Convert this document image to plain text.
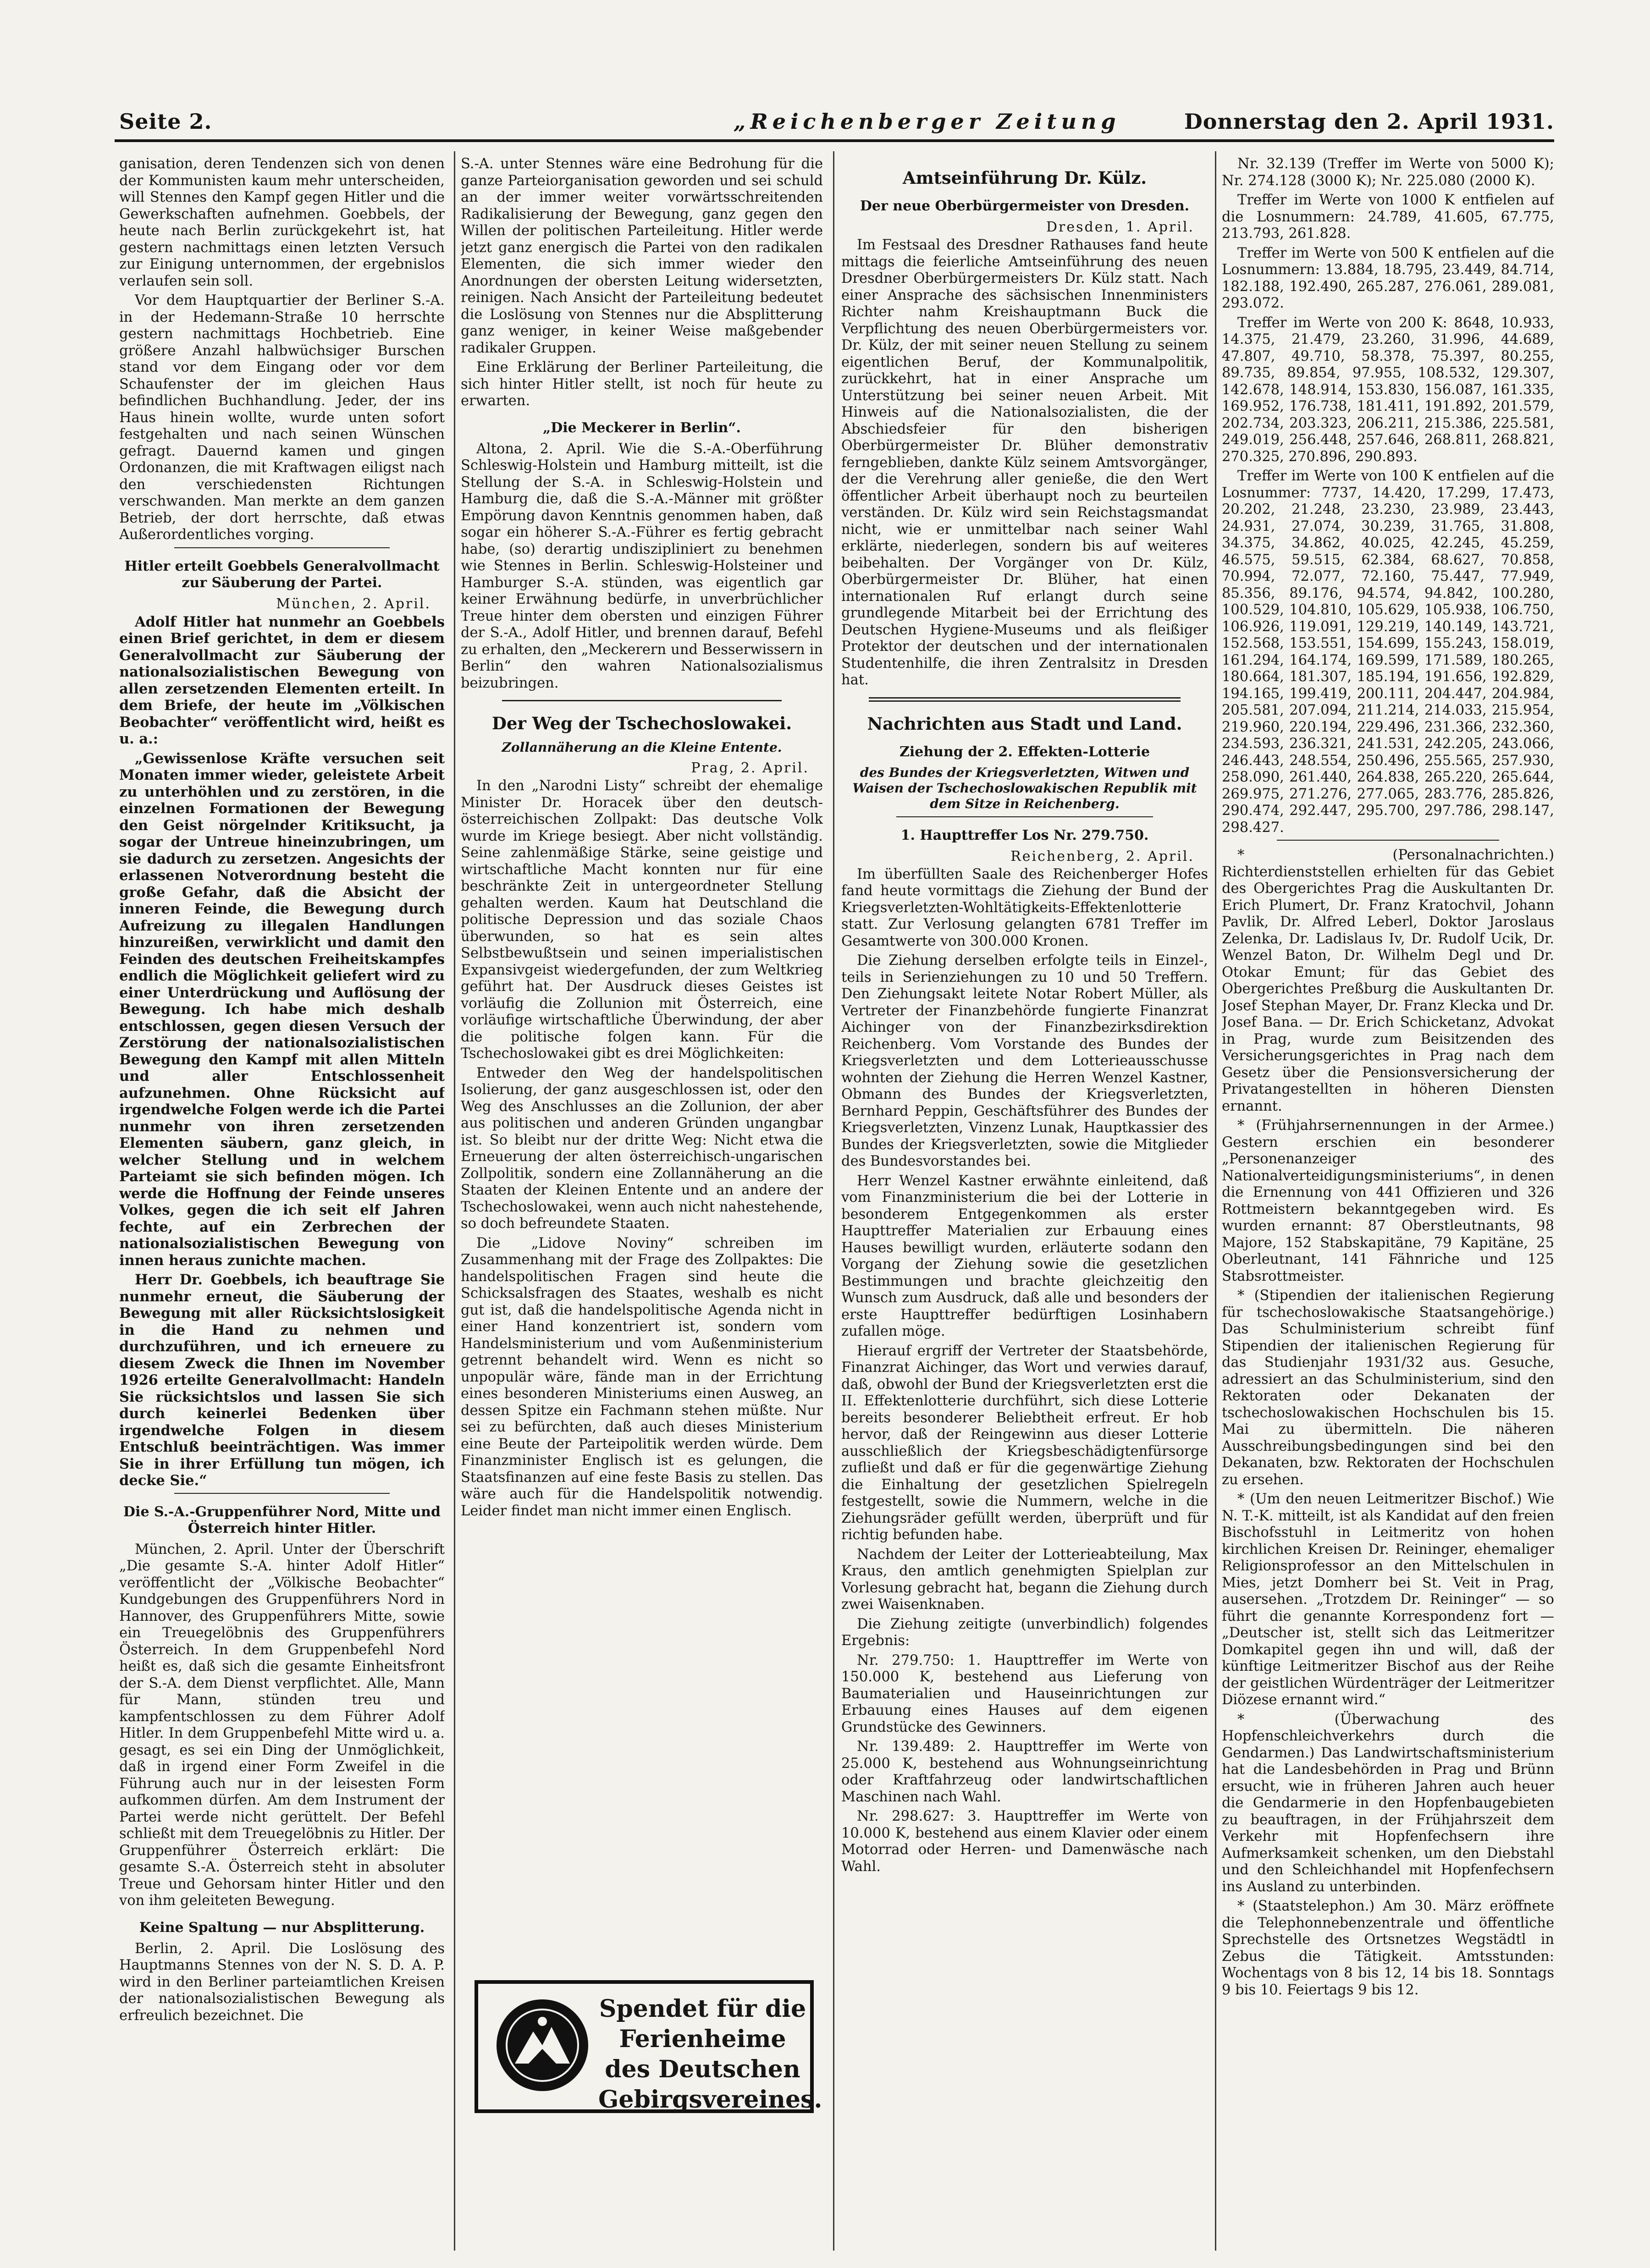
Seite 2.	„Reichenberger Zeitung	Donnerstag den 2. April 1931.

ganisation, deren Tendenzen sich von denen der Kommunisten kaum mehr unterscheiden, will Stennes den Kampf gegen Hitler und die Gewerkschaften aufnehmen. Goebbels, der heute nach Berlin zurückgekehrt ist, hat gestern nachmittags einen letzten Versuch zur Einigung unternommen, der ergebnislos verlaufen sein soll.

Vor dem Hauptquartier der Berliner S.-A. in der Hedemann-Straße 10 herrschte gestern nachmittags Hochbetrieb. Eine größere Anzahl halbwüchsiger Burschen stand vor dem Eingang oder vor dem Schaufenster der im gleichen Haus befindlichen Buchhandlung. Jeder, der ins Haus hinein wollte, wurde unten sofort festgehalten und nach seinen Wünschen gefragt. Dauernd kamen und gingen Ordonanzen, die mit Kraftwagen eiligst nach den verschiedensten Richtungen verschwanden. Man merkte an dem ganzen Betrieb, der dort herrschte, daß etwas Außerordentliches vorging.

Hitler erteilt Goebbels Generalvollmacht zur Säuberung der Partei.
München, 2. April.

Adolf Hitler hat nunmehr an Goebbels einen Brief gerichtet, in dem er diesem Generalvollmacht zur Säuberung der nationalsozialistischen Bewegung von allen zersetzenden Elementen erteilt. In dem Briefe, der heute im „Völkischen Beobachter“ veröffentlicht wird, heißt es u. a.:

„Gewissenlose Kräfte versuchen seit Monaten immer wieder, geleistete Arbeit zu unterhöhlen und zu zerstören, in die einzelnen Formationen der Bewegung den Geist nörgelnder Kritiksucht, ja sogar der Untreue hineinzubringen, um sie dadurch zu zersetzen. Angesichts der erlassenen Notverordnung besteht die große Gefahr, daß die Absicht der inneren Feinde, die Bewegung durch Aufreizung zu illegalen Handlungen hinzureißen, verwirklicht und damit den Feinden des deutschen Freiheitskampfes endlich die Möglichkeit geliefert wird zu einer Unterdrückung und Auflösung der Bewegung. Ich habe mich deshalb entschlossen, gegen diesen Versuch der Zerstörung der nationalsozialistischen Bewegung den Kampf mit allen Mitteln und aller Entschlossenheit aufzunehmen. Ohne Rücksicht auf irgendwelche Folgen werde ich die Partei nunmehr von ihren zersetzenden Elementen säubern, ganz gleich, in welcher Stellung und in welchem Parteiamt sie sich befinden mögen. Ich werde die Hoffnung der Feinde unseres Volkes, gegen die ich seit elf Jahren fechte, auf ein Zerbrechen der nationalsozialistischen Bewegung von innen heraus zunichte machen.

Herr Dr. Goebbels, ich beauftrage Sie nunmehr erneut, die Säuberung der Bewegung mit aller Rücksichtslosigkeit in die Hand zu nehmen und durchzuführen, und ich erneuere zu diesem Zweck die Ihnen im November 1926 erteilte Generalvollmacht: Handeln Sie rücksichtslos und lassen Sie sich durch keinerlei Bedenken über irgendwelche Folgen in diesem Entschluß beeinträchtigen. Was immer Sie in ihrer Erfüllung tun mögen, ich decke Sie.“

Die S.-A.-Gruppenführer Nord, Mitte und Österreich hinter Hitler.

München, 2. April. Unter der Überschrift „Die gesamte S.-A. hinter Adolf Hitler“ veröffentlicht der „Völkische Beobachter“ Kundgebungen des Gruppenführers Nord in Hannover, des Gruppenführers Mitte, sowie ein Treuegelöbnis des Gruppenführers Österreich. In dem Gruppenbefehl Nord heißt es, daß sich die gesamte Einheitsfront der S.-A. dem Dienst verpflichtet. Alle, Mann für Mann, stünden treu und kampfentschlossen zu dem Führer Adolf Hitler. In dem Gruppenbefehl Mitte wird u. a. gesagt, es sei ein Ding der Unmöglichkeit, daß in irgend einer Form Zweifel in die Führung auch nur in der leisesten Form aufkommen dürfen. Am dem Instrument der Partei werde nicht gerüttelt. Der Befehl schließt mit dem Treuegelöbnis zu Hitler. Der Gruppenführer Österreich erklärt: Die gesamte S.-A. Österreich steht in absoluter Treue und Gehorsam hinter Hitler und den von ihm geleiteten Bewegung.

Keine Spaltung — nur Absplitterung.

Berlin, 2. April. Die Loslösung des Hauptmanns Stennes von der N. S. D. A. P. wird in den Berliner parteiamtlichen Kreisen der nationalsozialistischen Bewegung als erfreulich bezeichnet. Die

S.-A. unter Stennes wäre eine Bedrohung für die ganze Parteiorganisation geworden und sei schuld an der immer weiter vorwärtsschreitenden Radikalisierung der Bewegung, ganz gegen den Willen der politischen Parteileitung. Hitler werde jetzt ganz energisch die Partei von den radikalen Elementen, die sich immer wieder den Anordnungen der obersten Leitung widersetzten, reinigen. Nach Ansicht der Parteileitung bedeutet die Loslösung von Stennes nur die Absplitterung ganz weniger, in keiner Weise maßgebender radikaler Gruppen.

Eine Erklärung der Berliner Parteileitung, die sich hinter Hitler stellt, ist noch für heute zu erwarten.

„Die Meckerer in Berlin“.

Altona, 2. April. Wie die S.-A.-Oberführung Schleswig-Holstein und Hamburg mitteilt, ist die Stellung der S.-A. in Schleswig-Holstein und Hamburg die, daß die S.-A.-Männer mit größter Empörung davon Kenntnis genommen haben, daß sogar ein höherer S.-A.-Führer es fertig gebracht habe, (so) derartig undiszipliniert zu benehmen wie Stennes in Berlin. Schleswig-Holsteiner und Hamburger S.-A. stünden, was eigentlich gar keiner Erwähnung bedürfe, in unverbrüchlicher Treue hinter dem obersten und einzigen Führer der S.-A., Adolf Hitler, und brennen darauf, Befehl zu erhalten, den „Meckerern und Besserwissern in Berlin“ den wahren Nationalsozialismus beizubringen.

Der Weg der Tschechoslowakei.
Zollannäherung an die Kleine Entente.
Prag, 2. April.

In den „Narodni Listy“ schreibt der ehemalige Minister Dr. Horacek über den deutsch-österreichischen Zollpakt: Das deutsche Volk wurde im Kriege besiegt. Aber nicht vollständig. Seine zahlenmäßige Stärke, seine geistige und wirtschaftliche Macht konnten nur für eine beschränkte Zeit in untergeordneter Stellung gehalten werden. Kaum hat Deutschland die politische Depression und das soziale Chaos überwunden, so hat es sein altes Selbstbewußtsein und seinen imperialistischen Expansivgeist wiedergefunden, der zum Weltkrieg geführt hat. Der Ausdruck dieses Geistes ist vorläufig die Zollunion mit Österreich, eine vorläufige wirtschaftliche Überwindung, der aber die politische folgen kann. Für die Tschechoslowakei gibt es drei Möglichkeiten:

Entweder den Weg der handelspolitischen Isolierung, der ganz ausgeschlossen ist, oder den Weg des Anschlusses an die Zollunion, der aber aus politischen und anderen Gründen ungangbar ist. So bleibt nur der dritte Weg: Nicht etwa die Erneuerung der alten österreichisch-ungarischen Zollpolitik, sondern eine Zollannäherung an die Staaten der Kleinen Entente und an andere der Tschechoslowakei, wenn auch nicht nahestehende, so doch befreundete Staaten.

Die „Lidove Noviny“ schreiben im Zusammenhang mit der Frage des Zollpaktes: Die handelspolitischen Fragen sind heute die Schicksalsfragen des Staates, weshalb es nicht gut ist, daß die handelspolitische Agenda nicht in einer Hand konzentriert ist, sondern vom Handelsministerium und vom Außenministerium getrennt behandelt wird. Wenn es nicht so unpopulär wäre, fände man in der Errichtung eines besonderen Ministeriums einen Ausweg, an dessen Spitze ein Fachmann stehen müßte. Nur sei zu befürchten, daß auch dieses Ministerium eine Beute der Parteipolitik werden würde. Dem Finanzminister Englisch ist es gelungen, die Staatsfinanzen auf eine feste Basis zu stellen. Das wäre auch für die Handelspolitik notwendig. Leider findet man nicht immer einen Englisch.

Spendet für die
Ferienheime
des Deutschen
Gebirgsvereines.
Amtseinführung Dr. Külz.
Der neue Oberbürgermeister von Dresden.
Dresden, 1. April.

Im Festsaal des Dresdner Rathauses fand heute mittags die feierliche Amtseinführung des neuen Dresdner Oberbürgermeisters Dr. Külz statt. Nach einer Ansprache des sächsischen Innenministers Richter nahm Kreishauptmann Buck die Verpflichtung des neuen Oberbürgermeisters vor. Dr. Külz, der mit seiner neuen Stellung zu seinem eigentlichen Beruf, der Kommunalpolitik, zurückkehrt, hat in einer Ansprache um Unterstützung bei seiner neuen Arbeit. Mit Hinweis auf die Nationalsozialisten, die der Abschiedsfeier für den bisherigen Oberbürgermeister Dr. Blüher demonstrativ ferngeblieben, dankte Külz seinem Amtsvorgänger, der die Verehrung aller genieße, die den Wert öffentlicher Arbeit überhaupt noch zu beurteilen verständen. Dr. Külz wird sein Reichstagsmandat nicht, wie er unmittelbar nach seiner Wahl erklärte, niederlegen, sondern bis auf weiteres beibehalten. Der Vorgänger von Dr. Külz, Oberbürgermeister Dr. Blüher, hat einen internationalen Ruf erlangt durch seine grundlegende Mitarbeit bei der Errichtung des Deutschen Hygiene-Museums und als fleißiger Protektor der deutschen und der internationalen Studentenhilfe, die ihren Zentralsitz in Dresden hat.

Nachrichten aus Stadt und Land.
Ziehung der 2. Effekten-Lotterie
des Bundes der Kriegsverletzten, Witwen und Waisen der Tschechoslowakischen Republik mit dem Sitze in Reichenberg.
1. Haupttreffer Los Nr. 279.750.
Reichenberg, 2. April.

Im überfüllten Saale des Reichenberger Hofes fand heute vormittags die Ziehung der Bund der Kriegsverletzten-Wohltätigkeits-Effektenlotterie statt. Zur Verlosung gelangten 6781 Treffer im Gesamtwerte von 300.000 Kronen.

Die Ziehung derselben erfolgte teils in Einzel-, teils in Serienziehungen zu 10 und 50 Treffern. Den Ziehungsakt leitete Notar Robert Müller, als Vertreter der Finanzbehörde fungierte Finanzrat Aichinger von der Finanzbezirksdirektion Reichenberg. Vom Vorstande des Bundes der Kriegsverletzten und dem Lotterieausschusse wohnten der Ziehung die Herren Wenzel Kastner, Obmann des Bundes der Kriegsverletzten, Bernhard Peppin, Geschäftsführer des Bundes der Kriegsverletzten, Vinzenz Lunak, Hauptkassier des Bundes der Kriegsverletzten, sowie die Mitglieder des Bundesvorstandes bei.

Herr Wenzel Kastner erwähnte einleitend, daß vom Finanzministerium die bei der Lotterie in besonderem Entgegenkommen als erster Haupttreffer Materialien zur Erbauung eines Hauses bewilligt wurden, erläuterte sodann den Vorgang der Ziehung sowie die gesetzlichen Bestimmungen und brachte gleichzeitig den Wunsch zum Ausdruck, daß alle und besonders der erste Haupttreffer bedürftigen Losinhabern zufallen möge.

Hierauf ergriff der Vertreter der Staatsbehörde, Finanzrat Aichinger, das Wort und verwies darauf, daß, obwohl der Bund der Kriegsverletzten erst die II. Effektenlotterie durchführt, sich diese Lotterie bereits besonderer Beliebtheit erfreut. Er hob hervor, daß der Reingewinn aus dieser Lotterie ausschließlich der Kriegsbeschädigtenfürsorge zufließt und daß er für die gegenwärtige Ziehung die Einhaltung der gesetzlichen Spielregeln festgestellt, sowie die Nummern, welche in die Ziehungsräder gefüllt werden, überprüft und für richtig befunden habe.

Nachdem der Leiter der Lotterieabteilung, Max Kraus, den amtlich genehmigten Spielplan zur Vorlesung gebracht hat, begann die Ziehung durch zwei Waisenknaben.

Die Ziehung zeitigte (unverbindlich) folgendes Ergebnis:

Nr. 279.750: 1. Haupttreffer im Werte von 150.000 K, bestehend aus Lieferung von Baumaterialien und Hauseinrichtungen zur Erbauung eines Hauses auf dem eigenen Grundstücke des Gewinners.

Nr. 139.489: 2. Haupttreffer im Werte von 25.000 K, bestehend aus Wohnungseinrichtung oder Kraftfahrzeug oder landwirtschaftlichen Maschinen nach Wahl.

Nr. 298.627: 3. Haupttreffer im Werte von 10.000 K, bestehend aus einem Klavier oder einem Motorrad oder Herren- und Damenwäsche nach Wahl.

Nr. 32.139 (Treffer im Werte von 5000 K); Nr. 274.128 (3000 K); Nr. 225.080 (2000 K).

Treffer im Werte von 1000 K entfielen auf die Losnummern: 24.789, 41.605, 67.775, 213.793, 261.828.

Treffer im Werte von 500 K entfielen auf die Losnummern: 13.884, 18.795, 23.449, 84.714, 182.188, 192.490, 265.287, 276.061, 289.081, 293.072.

Treffer im Werte von 200 K: 8648, 10.933, 14.375, 21.479, 23.260, 31.996, 44.689, 47.807, 49.710, 58.378, 75.397, 80.255, 89.735, 89.854, 97.955, 108.532, 129.307, 142.678, 148.914, 153.830, 156.087, 161.335, 169.952, 176.738, 181.411, 191.892, 201.579, 202.734, 203.323, 206.211, 215.386, 225.581, 249.019, 256.448, 257.646, 268.811, 268.821, 270.325, 270.896, 290.893.

Treffer im Werte von 100 K entfielen auf die Losnummer: 7737, 14.420, 17.299, 17.473, 20.202, 21.248, 23.230, 23.989, 23.443, 24.931, 27.074, 30.239, 31.765, 31.808, 34.375, 34.862, 40.025, 42.245, 45.259, 46.575, 59.515, 62.384, 68.627, 70.858, 70.994, 72.077, 72.160, 75.447, 77.949, 85.356, 89.176, 94.574, 94.842, 100.280, 100.529, 104.810, 105.629, 105.938, 106.750, 106.926, 119.091, 129.219, 140.149, 143.721, 152.568, 153.551, 154.699, 155.243, 158.019, 161.294, 164.174, 169.599, 171.589, 180.265, 180.664, 181.307, 185.194, 191.656, 192.829, 194.165, 199.419, 200.111, 204.447, 204.984, 205.581, 207.094, 211.214, 214.033, 215.954, 219.960, 220.194, 229.496, 231.366, 232.360, 234.593, 236.321, 241.531, 242.205, 243.066, 246.443, 248.554, 250.496, 255.565, 257.930, 258.090, 261.440, 264.838, 265.220, 265.644, 269.975, 271.276, 277.065, 283.776, 285.826, 290.474, 292.447, 295.700, 297.786, 298.147, 298.427.

* (Personalnachrichten.) Richterdienststellen erhielten für das Gebiet des Obergerichtes Prag die Auskultanten Dr. Erich Plumert, Dr. Franz Kratochvil, Johann Pavlik, Dr. Alfred Leberl, Doktor Jaroslaus Zelenka, Dr. Ladislaus Iv, Dr. Rudolf Ucik, Dr. Wenzel Baton, Dr. Wilhelm Degl und Dr. Otokar Emunt; für das Gebiet des Obergerichtes Preßburg die Auskultanten Dr. Josef Stephan Mayer, Dr. Franz Klecka und Dr. Josef Bana. — Dr. Erich Schicketanz, Advokat in Prag, wurde zum Beisitzenden des Versicherungsgerichtes in Prag nach dem Gesetz über die Pensionsversicherung der Privatangestellten in höheren Diensten ernannt.

* (Frühjahrsernennungen in der Armee.) Gestern erschien ein besonderer „Personenanzeiger des Nationalverteidigungsministeriums“, in denen die Ernennung von 441 Offizieren und 326 Rottmeistern bekanntgegeben wird. Es wurden ernannt: 87 Oberstleutnants, 98 Majore, 152 Stabskapitäne, 79 Kapitäne, 25 Oberleutnant, 141 Fähnriche und 125 Stabsrottmeister.

* (Stipendien der italienischen Regierung für tschechoslowakische Staatsangehörige.) Das Schulministerium schreibt fünf Stipendien der italienischen Regierung für das Studienjahr 1931/32 aus. Gesuche, adressiert an das Schulministerium, sind den Rektoraten oder Dekanaten der tschechoslowakischen Hochschulen bis 15. Mai zu übermitteln. Die näheren Ausschreibungsbedingungen sind bei den Dekanaten, bzw. Rektoraten der Hochschulen zu ersehen.

* (Um den neuen Leitmeritzer Bischof.) Wie N. T.-K. mitteilt, ist als Kandidat auf den freien Bischofsstuhl in Leitmeritz von hohen kirchlichen Kreisen Dr. Reininger, ehemaliger Religionsprofessor an den Mittelschulen in Mies, jetzt Domherr bei St. Veit in Prag, ausersehen. „Trotzdem Dr. Reininger“ — so führt die genannte Korrespondenz fort — „Deutscher ist, stellt sich das Leitmeritzer Domkapitel gegen ihn und will, daß der künftige Leitmeritzer Bischof aus der Reihe der geistlichen Würdenträger der Leitmeritzer Diözese ernannt wird.“

* (Überwachung des Hopfenschleichverkehrs durch die Gendarmen.) Das Landwirtschaftsministerium hat die Landesbehörden in Prag und Brünn ersucht, wie in früheren Jahren auch heuer die Gendarmerie in den Hopfenbaugebieten zu beauftragen, in der Frühjahrszeit dem Verkehr mit Hopfenfechsern ihre Aufmerksamkeit schenken, um den Diebstahl und den Schleichhandel mit Hopfenfechsern ins Ausland zu unterbinden.

* (Staatstelephon.) Am 30. März eröffnete die Telephonnebenzentrale und öffentliche Sprechstelle des Ortsnetzes Wegstädtl in Zebus die Tätigkeit. Amtsstunden: Wochentags von 8 bis 12, 14 bis 18. Sonntags 9 bis 10. Feiertags 9 bis 12.
